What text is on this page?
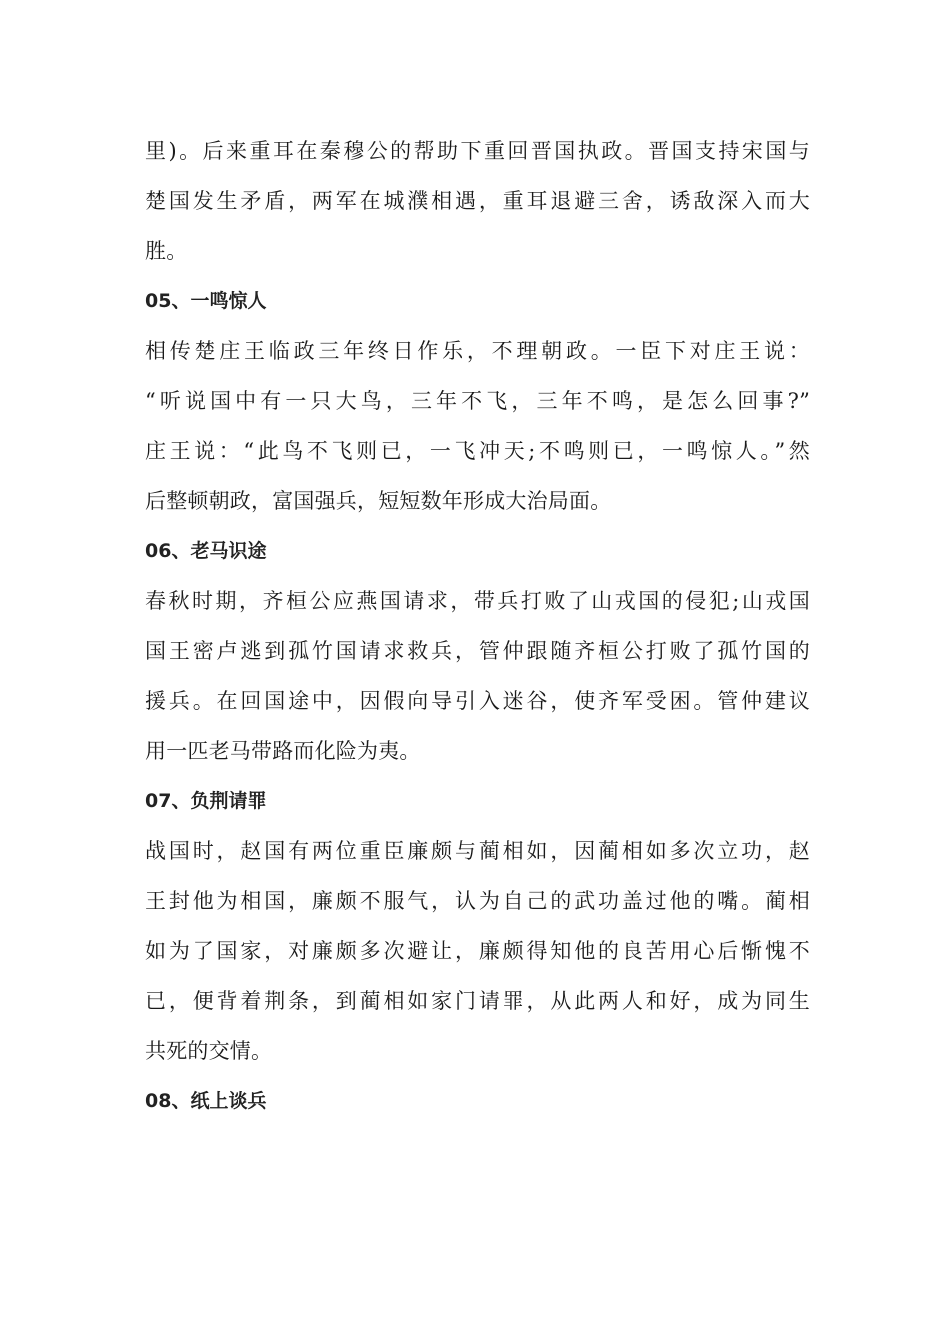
里)。后来重耳在秦穆公的帮助下重回晋国执政。晋国支持宋国与
楚国发生矛盾，两军在城濮相遇，重耳退避三舍，诱敌深入而大
胜。
05、一鸣惊人
相传楚庄王临政三年终日作乐，不理朝政。一臣下对庄王说：
“听说国中有一只大鸟，三年不飞，三年不鸣，是怎么回事?”
庄王说：“此鸟不飞则已，一飞冲天;不鸣则已，一鸣惊人。”然
后整顿朝政，富国强兵，短短数年形成大治局面。
06、老马识途
春秋时期，齐桓公应燕国请求，带兵打败了山戎国的侵犯;山戎国
国王密卢逃到孤竹国请求救兵，管仲跟随齐桓公打败了孤竹国的
援兵。在回国途中，因假向导引入迷谷，使齐军受困。管仲建议
用一匹老马带路而化险为夷。
07、负荆请罪
战国时，赵国有两位重臣廉颇与蔺相如，因蔺相如多次立功，赵
王封他为相国，廉颇不服气，认为自己的武功盖过他的嘴。蔺相
如为了国家，对廉颇多次避让，廉颇得知他的良苦用心后惭愧不
已，便背着荆条，到蔺相如家门请罪，从此两人和好，成为同生
共死的交情。
08、纸上谈兵
